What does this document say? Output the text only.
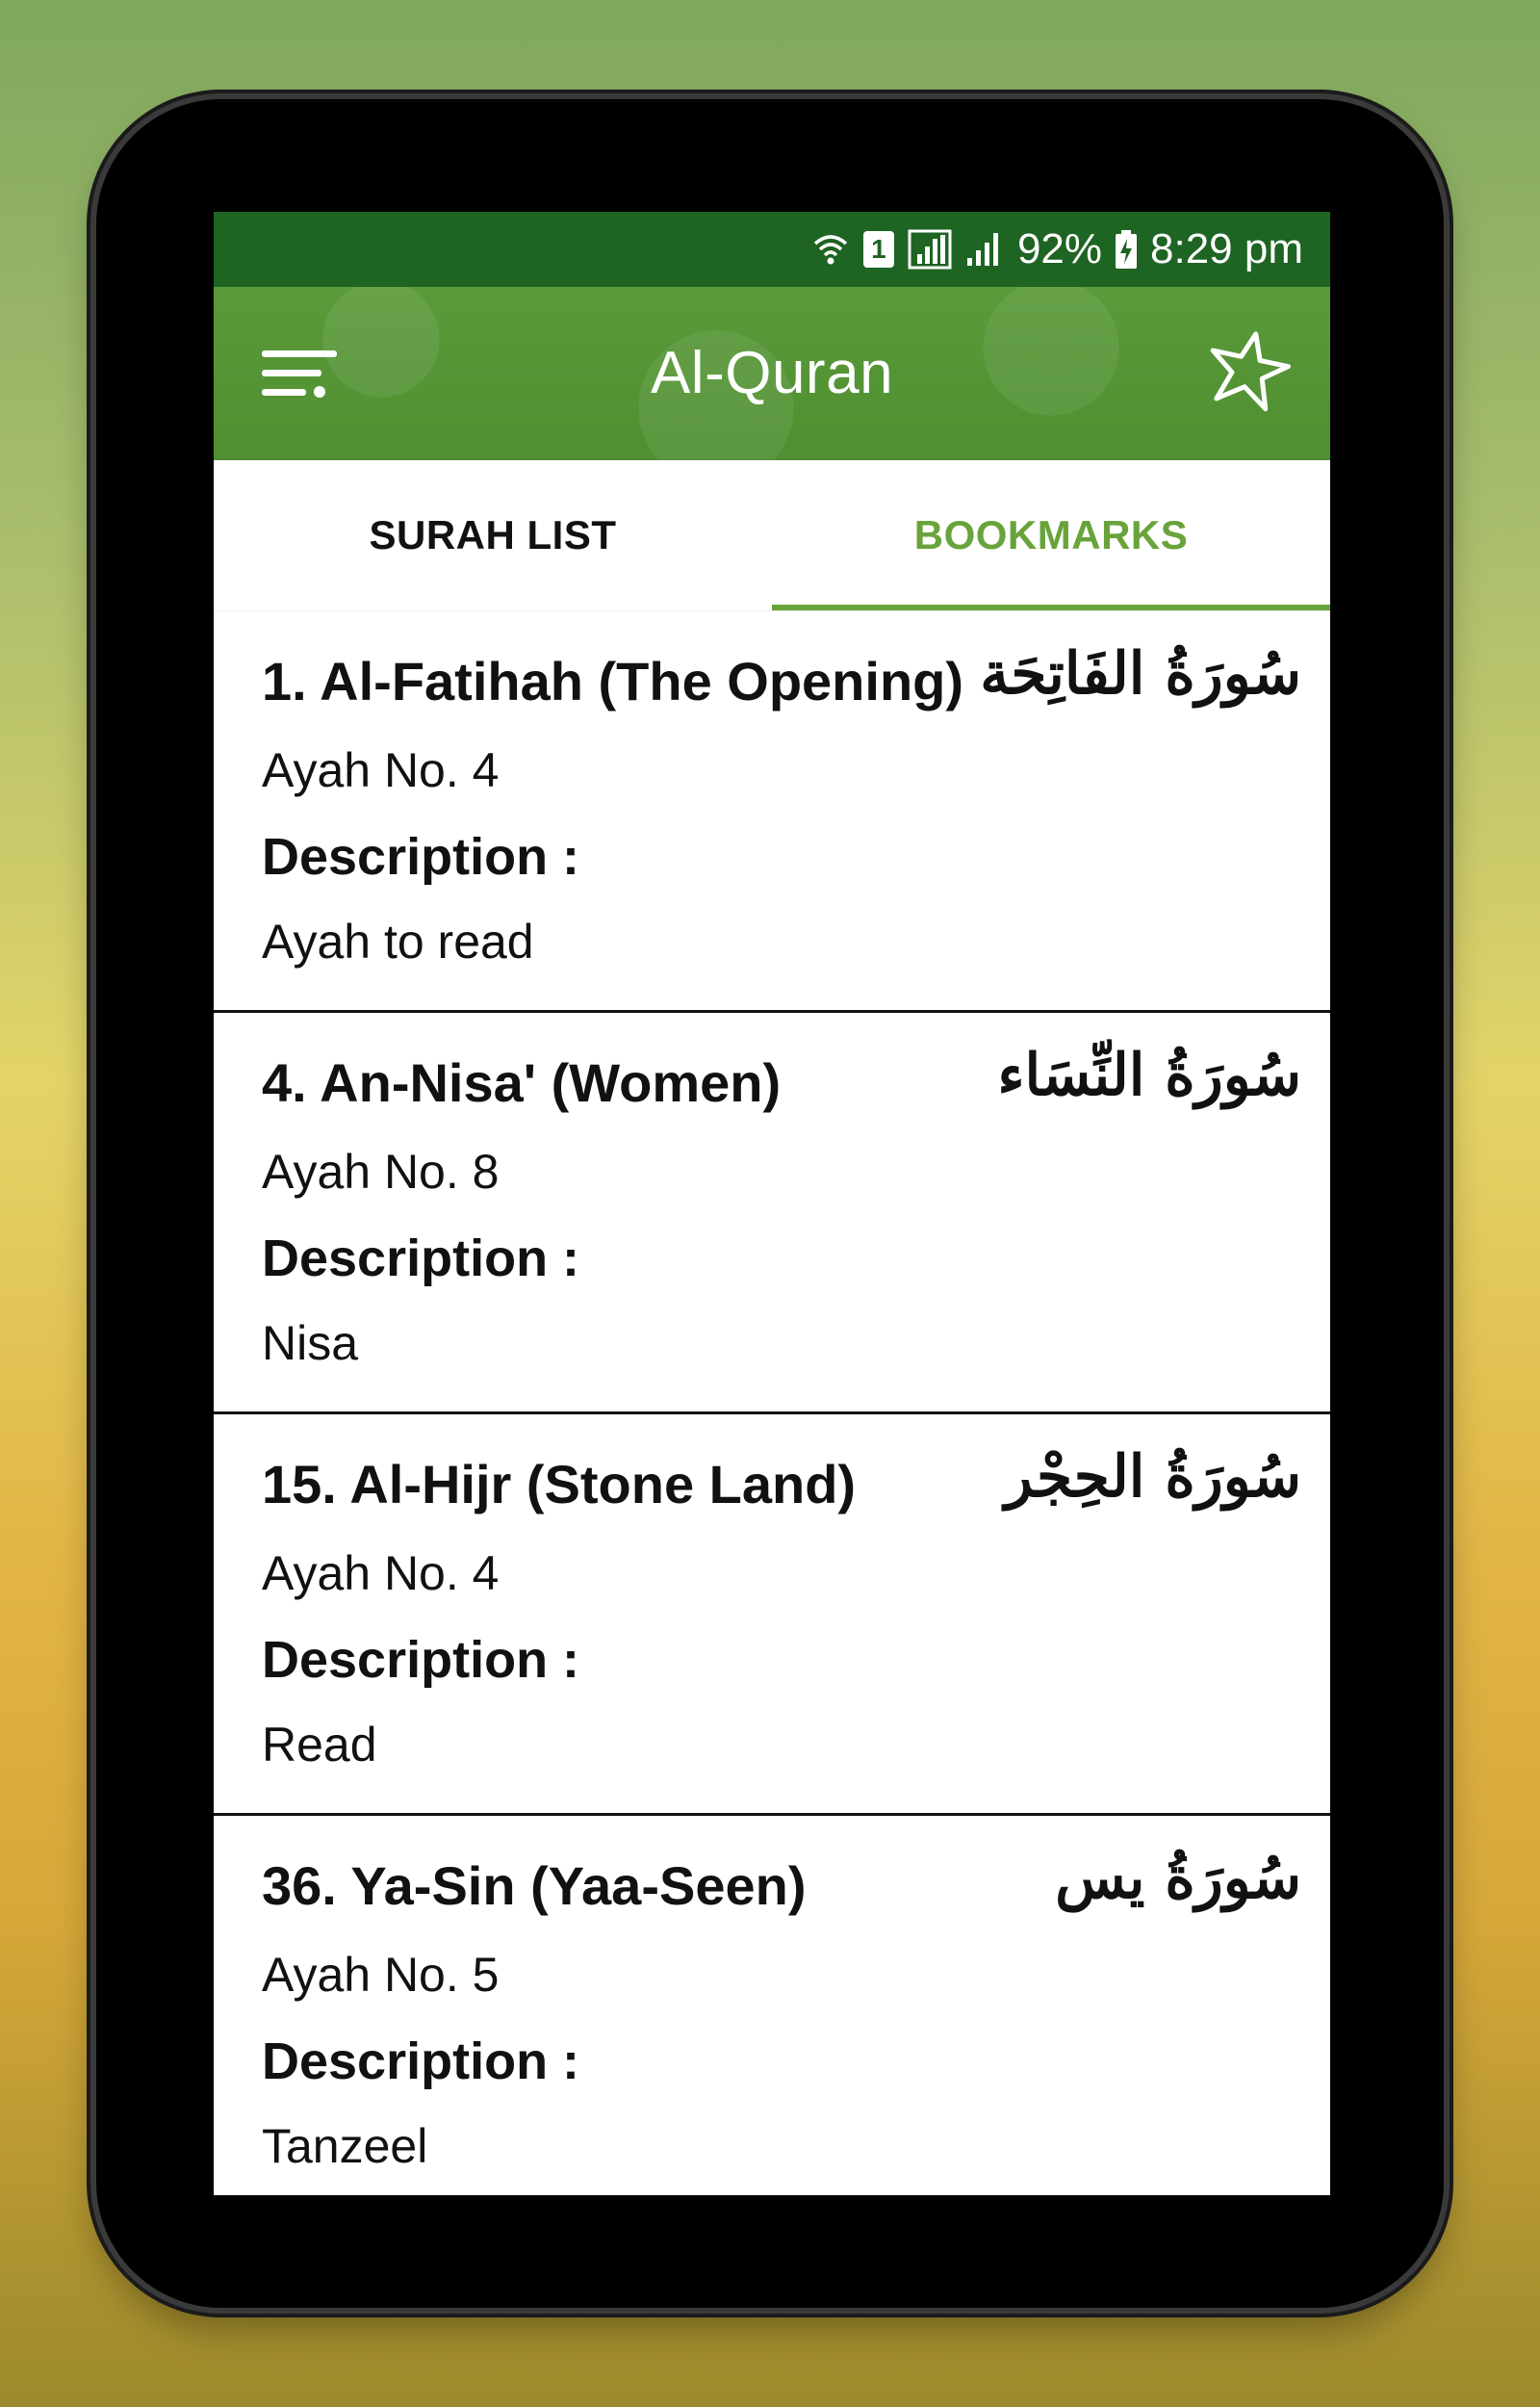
1	92% 8:29 pm
Al-Quran
SURAH LIST	BOOKMARKS
1. Al-Fatihah (The Opening) سُورَةُ الفَاتِحَة
Ayah No. 4
Description :
Ayah to read
4. An-Nisa' (Women)	سُورَةُ النِّسَاء
Ayah No. 8
Description :
Nisa
15. Al-Hijr (Stone Land)	سُورَةُ الحِجْر
Ayah No. 4
Description :
Read
36. Ya-Sin (Yaa-Seen)	سُورَةُ يس
Ayah No. 5
Description :
Tanzeel
